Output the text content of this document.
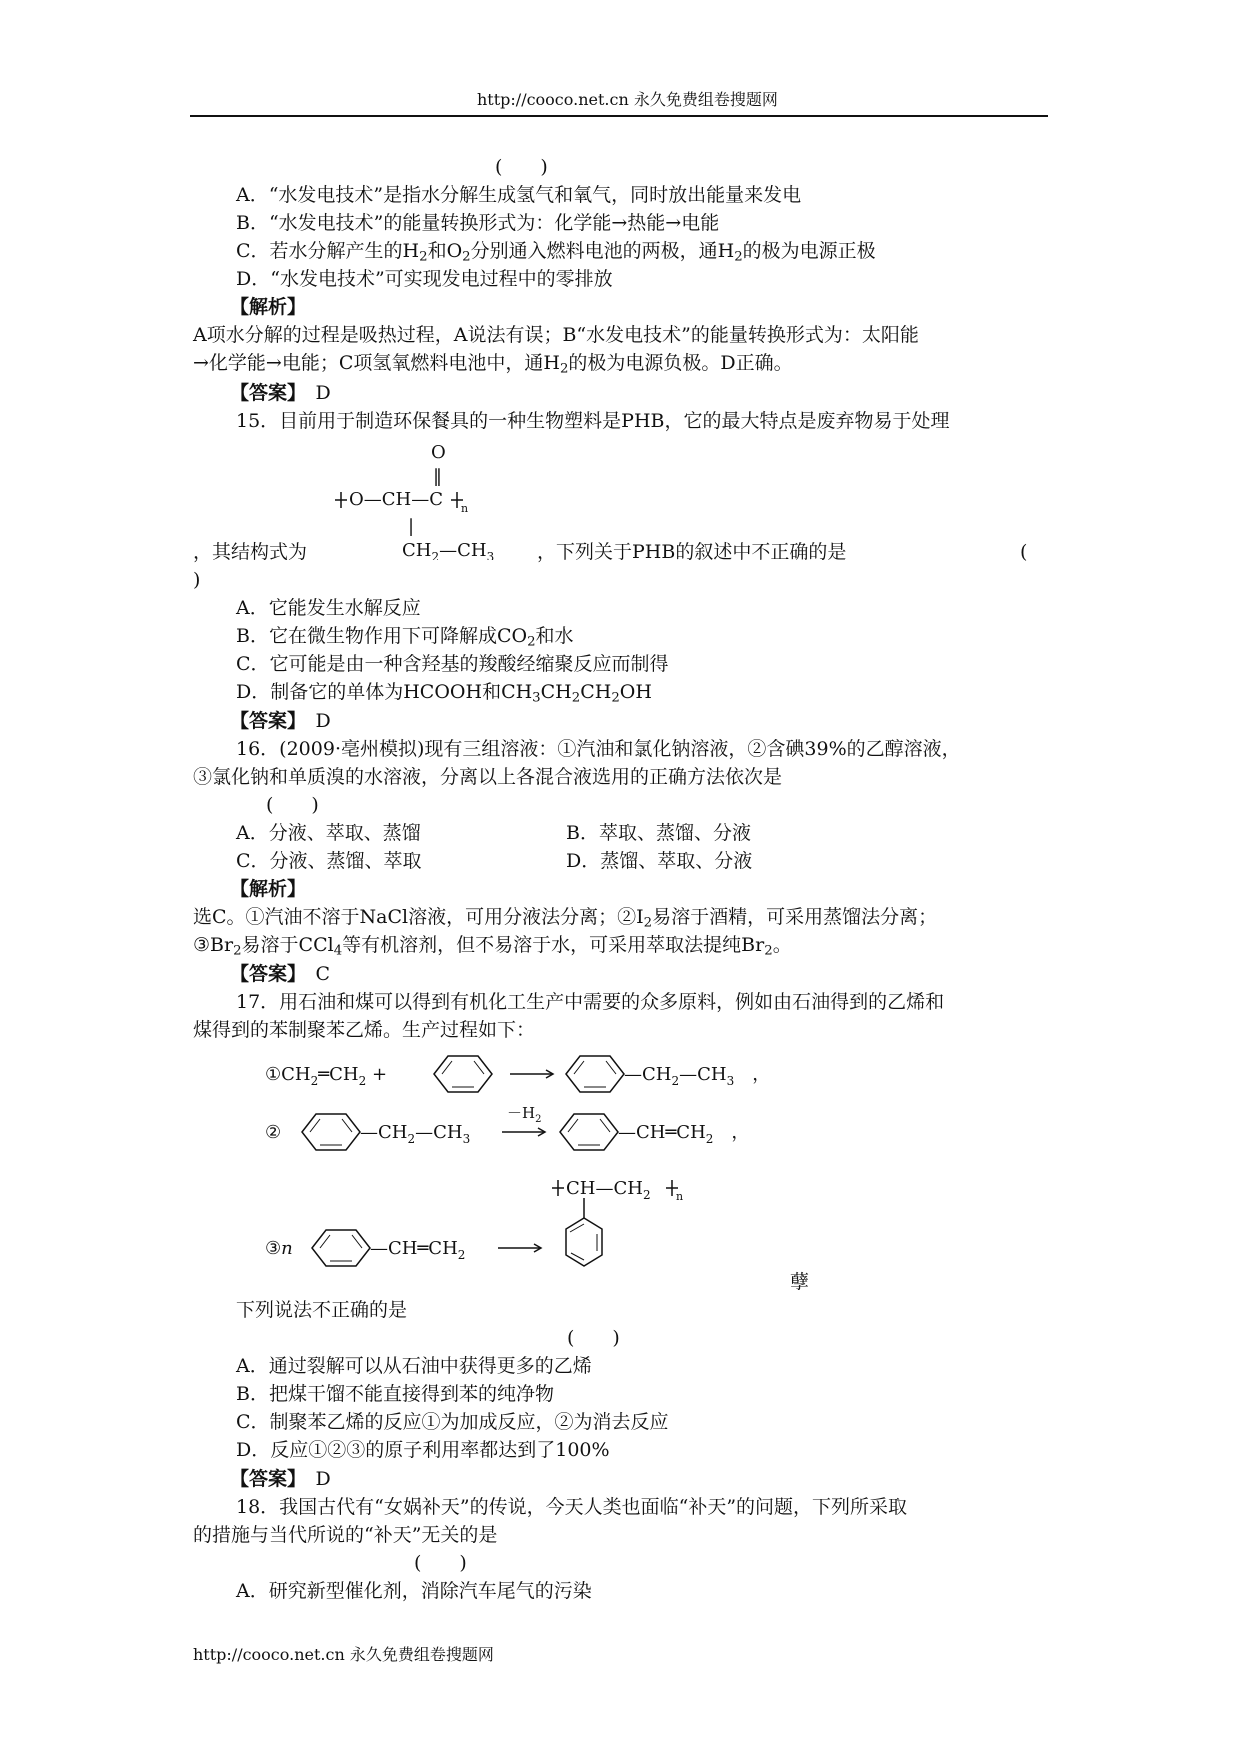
http://cooco.net.cn 永久免费组卷搜题网
(　　)
A．“水发电技术”是指水分解生成氢气和氧气，同时放出能量来发电
B．“水发电技术”的能量转换形式为：化学能→热能→电能
C．若水分解产生的$H_2$和$O_2$分别通入燃料电池的两极，通$H_2$的极为电源正极
D．“水发电技术”可实现发电过程中的零排放
【解析】
A项水分解的过程是吸热过程，A说法有误；B“水发电技术”的能量转换形式为：太阳能
→化学能→电能；C项氢氧燃料电池中，通$H_2$的极为电源负极。D正确。
【答案】　 D
15．目前用于制造环保餐具的一种生物塑料是PHB，它的最大特点是废弃物易于处理
O
‖
O—CH—C n
|
$CH_2—CH_3$
，其结构式为	，下列关于PHB的叙述中不正确的是	(
)
A．它能发生水解反应
B．它在微生物作用下可降解成$CO_2$和水
C．它可能是由一种含羟基的羧酸经缩聚反应而制得
D．制备它的单体为HCOOH和$CH_3CH_2CH_2OH$
【答案】　 D
16．(2009·亳州模拟)现有三组溶液：①汽油和氯化钠溶液，②含碘39%的乙醇溶液，
③氯化钠和单质溴的水溶液，分离以上各混合液选用的正确方法依次是
(　　)
A．分液、萃取、蒸馏	B．萃取、蒸馏、分液
C．分液、蒸馏、萃取	D．蒸馏、萃取、分液
【解析】
选C。①汽油不溶于NaCl溶液，可用分液法分离；$②I_2$易溶于酒精，可采用蒸馏法分离；
$③Br_2$易溶于CCl$_4$等有机溶剂，但不易溶于水，可采用萃取法提纯$Br_2$。
【答案】　 C
17．用石油和煤可以得到有机化工生产中需要的众多原料，例如由石油得到的乙烯和
煤得到的苯制聚苯乙烯。生产过程如下：
$①CH_2═CH_2$ +	$—CH_2—CH_3$　 ，
②	$—CH_2—CH_3$
$-H_2$
$—CH═CH_2$　 ，
$CH—CH_2$ n
③n	$—CH═CH_2$
孽
下列说法不正确的是
(　　)
A．通过裂解可以从石油中获得更多的乙烯
B．把煤干馏不能直接得到苯的纯净物
C．制聚苯乙烯的反应①为加成反应，②为消去反应
D．反应①②③的原子利用率都达到了100%
【答案】　 D
18．我国古代有“女娲补天”的传说，今天人类也面临“补天”的问题，下列所采取
的措施与当代所说的“补天”无关的是
(　　)
A．研究新型催化剂，消除汽车尾气的污染
http://cooco.net.cn 永久免费组卷搜题网
